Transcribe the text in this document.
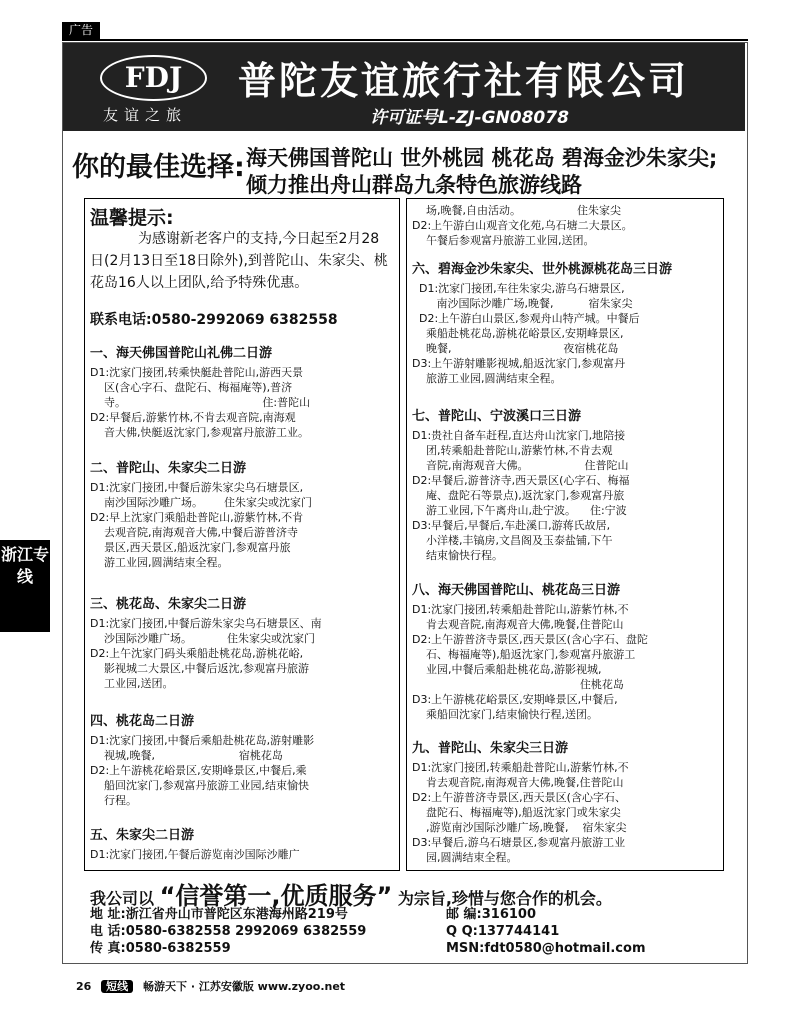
广告
FDJ
友谊之旅
普陀友谊旅行社有限公司
许可证号L-ZJ-GN08078
你的最佳选择: 海天佛国普陀山 世外桃园 桃花岛 碧海金沙朱家尖;
倾力推出舟山群岛九条特色旅游线路
温馨提示:

为感谢新老客户的支持,今日起至2月28日(2月13日至18日除外),到普陀山、朱家尖、桃花岛16人以上团队,给予特殊优惠。

联系电话:0580-2992069 6382558
一、海天佛国普陀山礼佛二日游
D1:沈家门接团,转乘快艇赴普陀山,游西天景
区(含心字石、盘陀石、梅福庵等),普济
寺。                                       住:普陀山
D2:早餐后,游紫竹林,不肯去观音院,南海观
音大佛,快艇返沈家门,参观富丹旅游工业。
二、普陀山、朱家尖二日游
D1:沈家门接团,中餐后游朱家尖乌石塘景区,
南沙国际沙雕广场。      住朱家尖或沈家门
D2:早上沈家门乘船赴普陀山,游紫竹林,不肯
去观音院,南海观音大佛,中餐后游普济寺
景区,西天景区,船返沈家门,参观富丹旅
游工业园,圆满结束全程。
三、桃花岛、朱家尖二日游
D1:沈家门接团,中餐后游朱家尖乌石塘景区、南
沙国际沙雕广场。          住朱家尖或沈家门
D2:上午沈家门码头乘船赴桃花岛,游桃花峪,
影视城二大景区,中餐后返沈,参观富丹旅游
工业园,送团。
四、桃花岛二日游
D1:沈家门接团,中餐后乘船赴桃花岛,游射雕影
视城,晚餐,                        宿桃花岛
D2:上午游桃花峪景区,安期峰景区,中餐后,乘
船回沈家门,参观富丹旅游工业园,结束愉快
行程。
五、朱家尖二日游
D1:沈家门接团,午餐后游览南沙国际沙雕广
场,晚餐,自由活动。                住朱家尖
D2:上午游白山观音文化苑,乌石塘二大景区。
午餐后参观富丹旅游工业园,送团。
六、碧海金沙朱家尖、世外桃源桃花岛三日游
D1:沈家门接团,车往朱家尖,游乌石塘景区,
南沙国际沙雕广场,晚餐,          宿朱家尖
D2:上午游白山景区,参观舟山特产城。中餐后
乘船赴桃花岛,游桃花峪景区,安期峰景区,
晚餐,                                夜宿桃花岛
D3:上午游射雕影视城,船返沈家门,参观富丹
旅游工业园,圆满结束全程。
七、普陀山、宁波溪口三日游
D1:贵社自备车赶程,直达舟山沈家门,地陪接
团,转乘船赴普陀山,游紫竹林,不肯去观
音院,南海观音大佛。                住普陀山
D2:早餐后,游普济寺,西天景区(心字石、梅福
庵、盘陀石等景点),返沈家门,参观富丹旅
游工业园,下午离舟山,赴宁波。    住:宁波
D3:早餐后,早餐后,车赴溪口,游蒋氏故居,
小洋楼,丰镐房,文昌阁及玉泰盐铺,下午
结束愉快行程。
八、海天佛国普陀山、桃花岛三日游
D1:沈家门接团,转乘船赴普陀山,游紫竹林,不
肯去观音院,南海观音大佛,晚餐,住普陀山
D2:上午游普济寺景区,西天景区(含心字石、盘陀
石、梅福庵等),船返沈家门,参观富丹旅游工
业园,中餐后乘船赴桃花岛,游影视城,
住桃花岛
D3:上午游桃花峪景区,安期峰景区,中餐后,
乘船回沈家门,结束愉快行程,送团。
九、普陀山、朱家尖三日游
D1:沈家门接团,转乘船赴普陀山,游紫竹林,不
肯去观音院,南海观音大佛,晚餐,住普陀山
D2:上午游普济寺景区,西天景区(含心字石、
盘陀石、梅福庵等),船返沈家门或朱家尖
,游览南沙国际沙雕广场,晚餐,    宿朱家尖
D3:早餐后,游乌石塘景区,参观富丹旅游工业
园,圆满结束全程。
浙江专线
我公司以 “信誉第一,优质服务” 为宗旨,珍惜与您合作的机会。
地 址:浙江省舟山市普陀区东港海州路219号
电 话:0580-6382558 2992069 6382559
传 真:0580-6382559
邮 编:316100
Q Q:137744141
MSN:fdt0580@hotmail.com
26 短线 畅游天下 · 江苏安徽版 www.zyoo.net
